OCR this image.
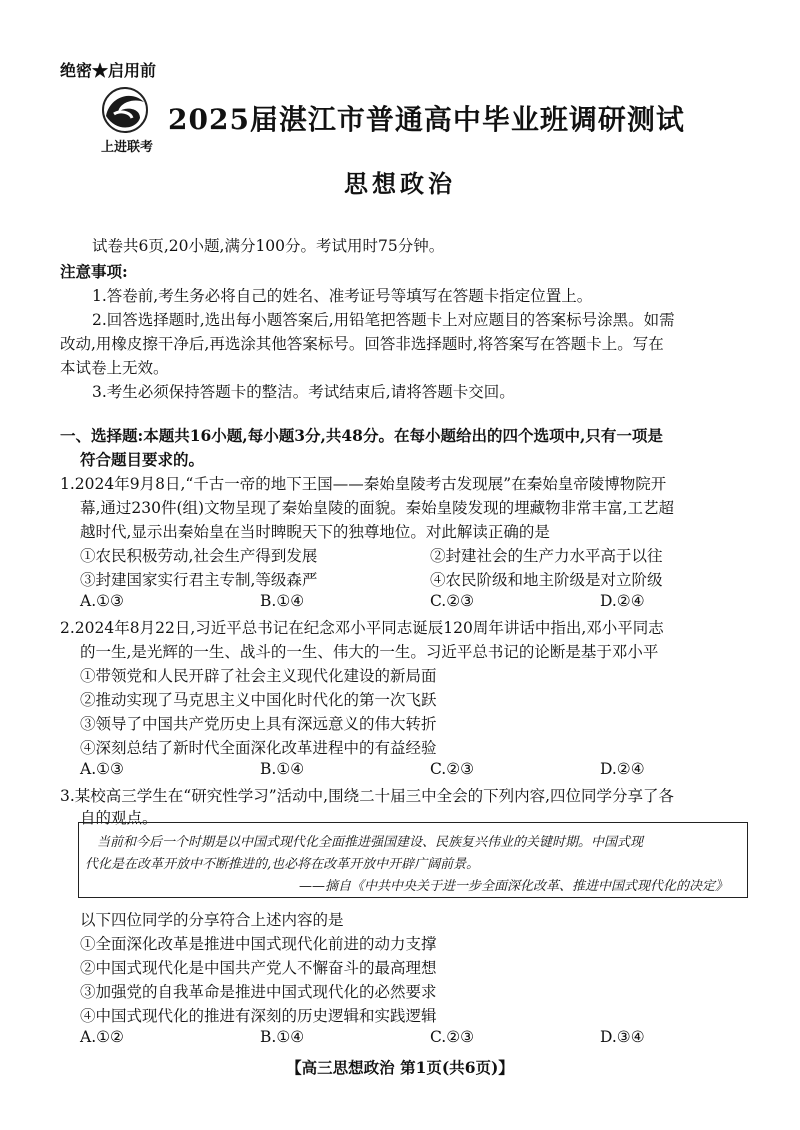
绝密★启用前
上进联考
2025届湛江市普通高中毕业班调研测试
思想政治
试卷共6页,20小题,满分100分。考试用时75分钟。
注意事项:
1.答卷前,考生务必将自己的姓名、准考证号等填写在答题卡指定位置上。
2.回答选择题时,选出每小题答案后,用铅笔把答题卡上对应题目的答案标号涂黑。如需
改动,用橡皮擦干净后,再选涂其他答案标号。回答非选择题时,将答案写在答题卡上。写在
本试卷上无效。
3.考生必须保持答题卡的整洁。考试结束后,请将答题卡交回。
一、选择题:本题共16小题,每小题3分,共48分。在每小题给出的四个选项中,只有一项是
符合题目要求的。
1.2024年9月8日,“千古一帝的地下王国——秦始皇陵考古发现展”在秦始皇帝陵博物院开
幕,通过230件(组)文物呈现了秦始皇陵的面貌。秦始皇陵发现的埋藏物非常丰富,工艺超
越时代,显示出秦始皇在当时睥睨天下的独尊地位。对此解读正确的是
①农民积极劳动,社会生产得到发展	②封建社会的生产力水平高于以往
③封建国家实行君主专制,等级森严	④农民阶级和地主阶级是对立阶级
A.①③	B.①④	C.②③	D.②④
2.2024年8月22日,习近平总书记在纪念邓小平同志诞辰120周年讲话中指出,邓小平同志
的一生,是光辉的一生、战斗的一生、伟大的一生。习近平总书记的论断是基于邓小平
①带领党和人民开辟了社会主义现代化建设的新局面
②推动实现了马克思主义中国化时代化的第一次飞跃
③领导了中国共产党历史上具有深远意义的伟大转折
④深刻总结了新时代全面深化改革进程中的有益经验
A.①③	B.①④	C.②③	D.②④
3.某校高三学生在“研究性学习”活动中,围绕二十届三中全会的下列内容,四位同学分享了各
自的观点。
当前和今后一个时期是以中国式现代化全面推进强国建设、民族复兴伟业的关键时期。中国式现
代化是在改革开放中不断推进的,也必将在改革开放中开辟广阔前景。
——摘自《中共中央关于进一步全面深化改革、推进中国式现代化的决定》
以下四位同学的分享符合上述内容的是
①全面深化改革是推进中国式现代化前进的动力支撑
②中国式现代化是中国共产党人不懈奋斗的最高理想
③加强党的自我革命是推进中国式现代化的必然要求
④中国式现代化的推进有深刻的历史逻辑和实践逻辑
A.①②	B.①④	C.②③	D.③④
【高三思想政治 第1页(共6页)】
